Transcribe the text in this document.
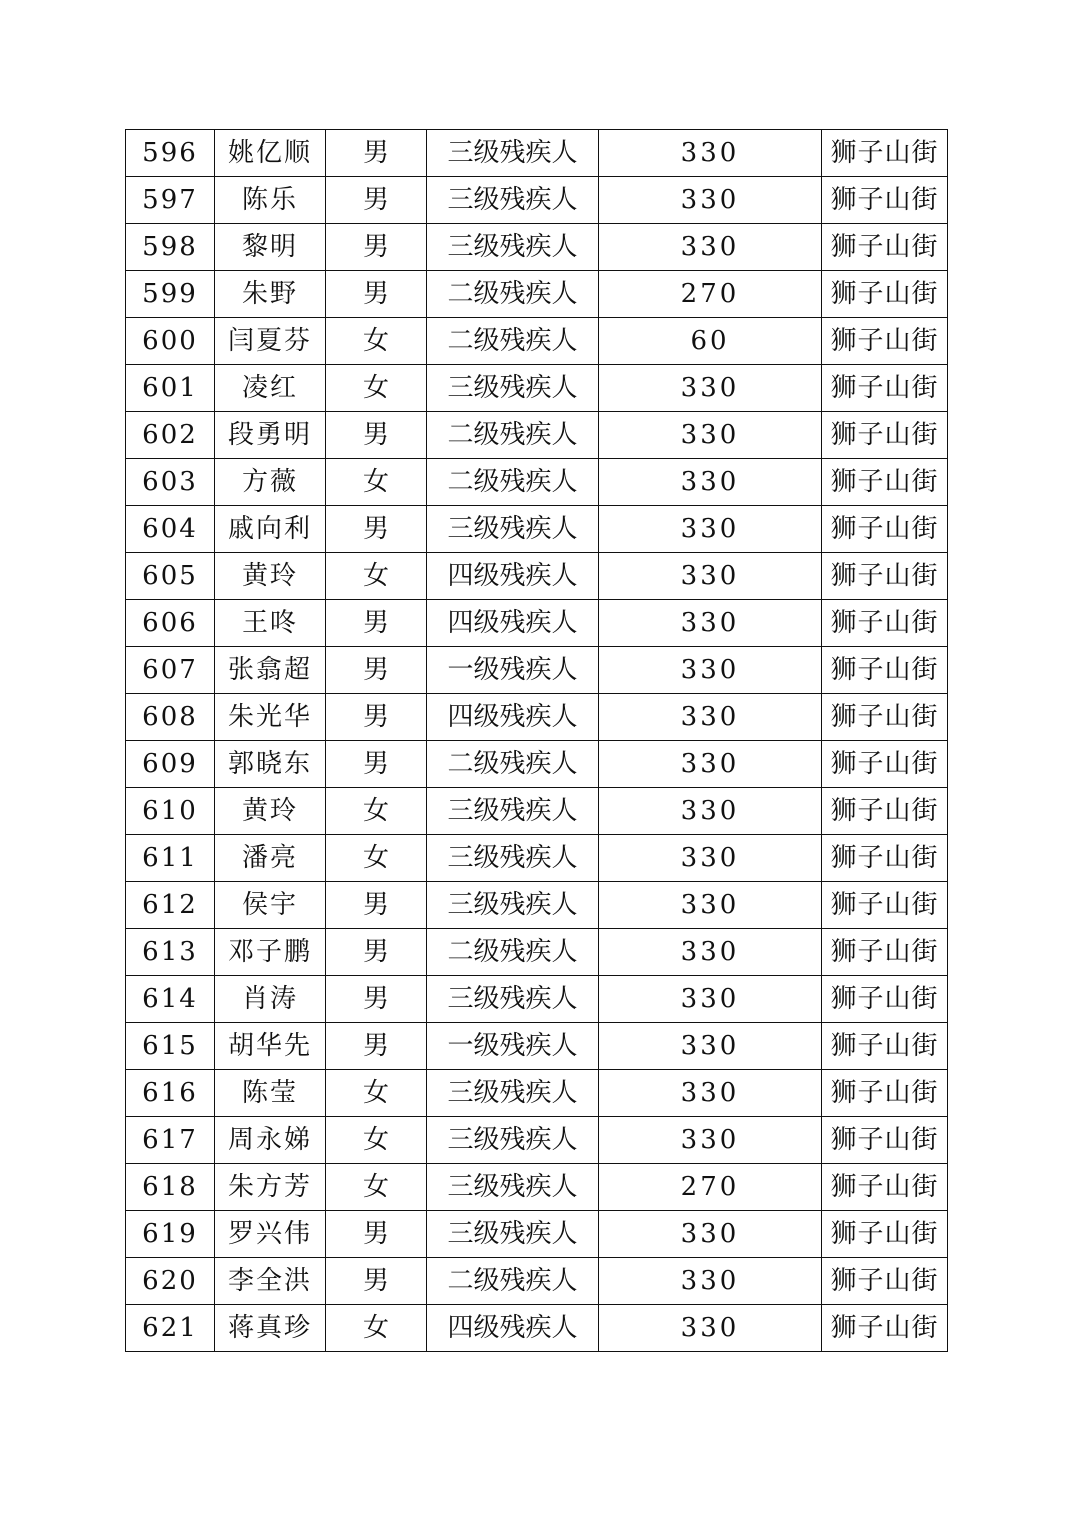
596	姚亿顺	男	三级残疾人	330	狮子山街
597	陈乐	男	三级残疾人	330	狮子山街
598	黎明	男	三级残疾人	330	狮子山街
599	朱野	男	二级残疾人	270	狮子山街
600	闫夏芬	女	二级残疾人	60	狮子山街
601	凌红	女	三级残疾人	330	狮子山街
602	段勇明	男	二级残疾人	330	狮子山街
603	方薇	女	二级残疾人	330	狮子山街
604	戚向利	男	三级残疾人	330	狮子山街
605	黄玲	女	四级残疾人	330	狮子山街
606	王咚	男	四级残疾人	330	狮子山街
607	张翕超	男	一级残疾人	330	狮子山街
608	朱光华	男	四级残疾人	330	狮子山街
609	郭晓东	男	二级残疾人	330	狮子山街
610	黄玲	女	三级残疾人	330	狮子山街
611	潘亮	女	三级残疾人	330	狮子山街
612	侯宇	男	三级残疾人	330	狮子山街
613	邓子鹏	男	二级残疾人	330	狮子山街
614	肖涛	男	三级残疾人	330	狮子山街
615	胡华先	男	一级残疾人	330	狮子山街
616	陈莹	女	三级残疾人	330	狮子山街
617	周永娣	女	三级残疾人	330	狮子山街
618	朱方芳	女	三级残疾人	270	狮子山街
619	罗兴伟	男	三级残疾人	330	狮子山街
620	李全洪	男	二级残疾人	330	狮子山街
621	蒋真珍	女	四级残疾人	330	狮子山街
